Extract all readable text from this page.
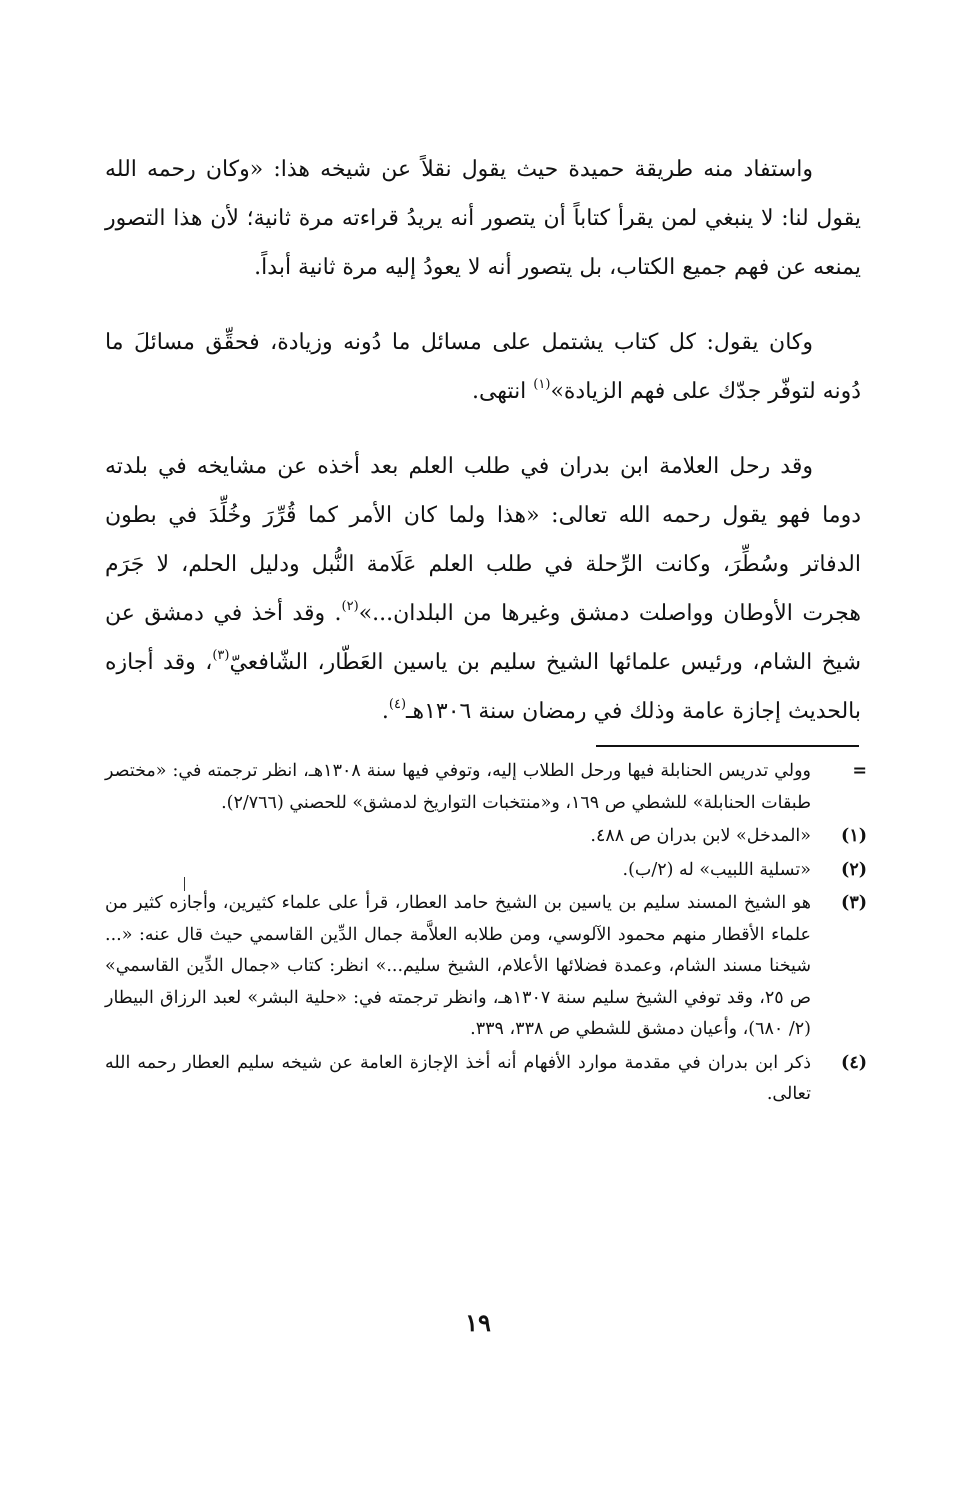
واستفاد منه طريقة حميدة حيث يقول نقلاً عن شيخه هذا: «وكان رحمه الله يقول لنا: لا ينبغي لمن يقرأ كتاباً أن يتصور أنه يريدُ قراءته مرة ثانية؛ لأن هذا التصور يمنعه عن فهم جميع الكتاب، بل يتصور أنه لا يعودُ إليه مرة ثانية أبداً.

وكان يقول: كل كتاب يشتمل على مسائل ما دُونه وزيادة، فحقِّق مسائلَ ما دُونه لتوفّر جدّك على فهم الزيادة»$^{(١)}$ انتهى.

وقد رحل العلامة ابن بدران في طلب العلم بعد أخذه عن مشايخه في بلدته دوما فهو يقول رحمه الله تعالى: «هذا ولما كان الأمر كما قُرِّرَ وخُلِّدَ في بطون الدفاتر وسُطِّرَ، وكانت الرِّحلة في طلب العلم عَلَامة النُّبل ودليل الحلم، لا جَرَم هجرت الأوطان وواصلت دمشق وغيرها من البلدان...»$^{(٢)}$. وقد أخذ في دمشق عن شيخ الشام، ورئيس علمائها الشيخ سليم بن ياسين العَطّار، الشّافعيّ$^{(٣)}$، وقد أجازه بالحديث إجازة عامة وذلك في رمضان سنة ١٣٠٦هـ$^{(٤)}$.

=
وولي تدريس الحنابلة فيها ورحل الطلاب إليه، وتوفي فيها سنة ١٣٠٨هـ، انظر ترجمته في: «مختصر طبقات الحنابلة» للشطي ص ١٦٩، و«منتخبات التواريخ لدمشق» للحصني (٢/٧٦٦).
(١)
«المدخل» لابن بدران ص ٤٨٨.
(٢)
«تسلية اللبيب» له (٢/ب).
(٣)
هو الشيخ المسند سليم بن ياسين بن الشيخ حامد العطار، قرأ على علماء كثيرين، وأجازه كثير من علماء الأقطار منهم محمود الآلوسي، ومن طلابه العلاَّمة جمال الدِّين القاسمي حيث قال عنه: «... شيخنا مسند الشام، وعمدة فضلائها الأعلام، الشيخ سليم...» انظر: كتاب «جمال الدِّين القاسمي» ص ٢٥، وقد توفي الشيخ سليم سنة ١٣٠٧هـ، وانظر ترجمته في: «حلية البشر» لعبد الرزاق البيطار (٢/ ٦٨٠)، وأعيان دمشق للشطي ص ٣٣٨، ٣٣٩.
(٤)
ذكر ابن بدران في مقدمة موارد الأفهام أنه أخذ الإجازة العامة عن شيخه سليم العطار رحمه الله تعالى.
١٩
